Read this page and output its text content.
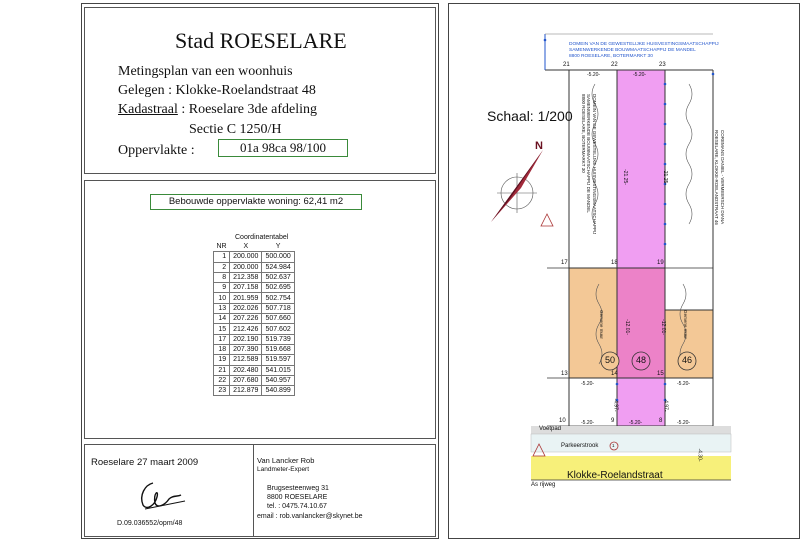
Stad ROESELARE
Metingsplan van een woonhuis
Gelegen : Klokke-Roelandstraat 48
Kadastraal : Roeselare 3de afdeling
Sectie C 1250/H
Oppervlakte :	01a 98ca 98/100
Bebouwde oppervlakte woning: 62,41 m2
Coordinatentabel
NR	X	Y
1	200.000	500.000
2	200.000	524.984
8	212.358	502.637
9	207.158	502.695
10	201.959	502.754
13	202.026	507.718
14	207.226	507.660
15	212.426	507.602
17	202.190	519.739
18	207.390	519.668
19	212.589	519.597
21	202.480	541.015
22	207.680	540.957
23	212.879	540.899
Roeselare 27 maart 2009
D.09.036552/opm/48
Van Lancker Rob
Landmeter-Expert
Brugsesteenweg 31
8800 ROESELARE
tel. : 0475.74.10.67
email : rob.vanlancker@skynet.be
Schaal: 1/200
N
DOMEIN VAN DE GEWESTELIJKE HUISVESTINGSMAATSCHAPPIJ
SAMENWERKENDE BOUWMAATSCHAPPIJ DE MANDEL
8800 ROESELARE, BOTERMARKT 30
DOMEIN VAN DE GEWESTELIJKE HUISVESTINGSMAATSCHAPPIJ
SAMENWERKENDE BOUWMAATSCHAPPIJ DE MANDEL
8800 ROESELARE, BOTERMARKT 30	COREMANS DANIEL - VERMEERSCH DIANA
ROESELARE, KLOKKE-ROELANDSTRAAT 46
50	48	46
21	22	23
17	18	19
13	14	15
10	9	8
-5.20-	-5.20-
-5.20-	-5.20-
-5.20-	-5.20-	-5.20-
-21.25-	-21.25-
-12.01-	-12.01-
-4.97-	-4.97-
-4.30-
Gemene muur	Gemene muur
Voetpad
Parkeerstrook	1
Klokke-Roelandstraat
As rijweg
